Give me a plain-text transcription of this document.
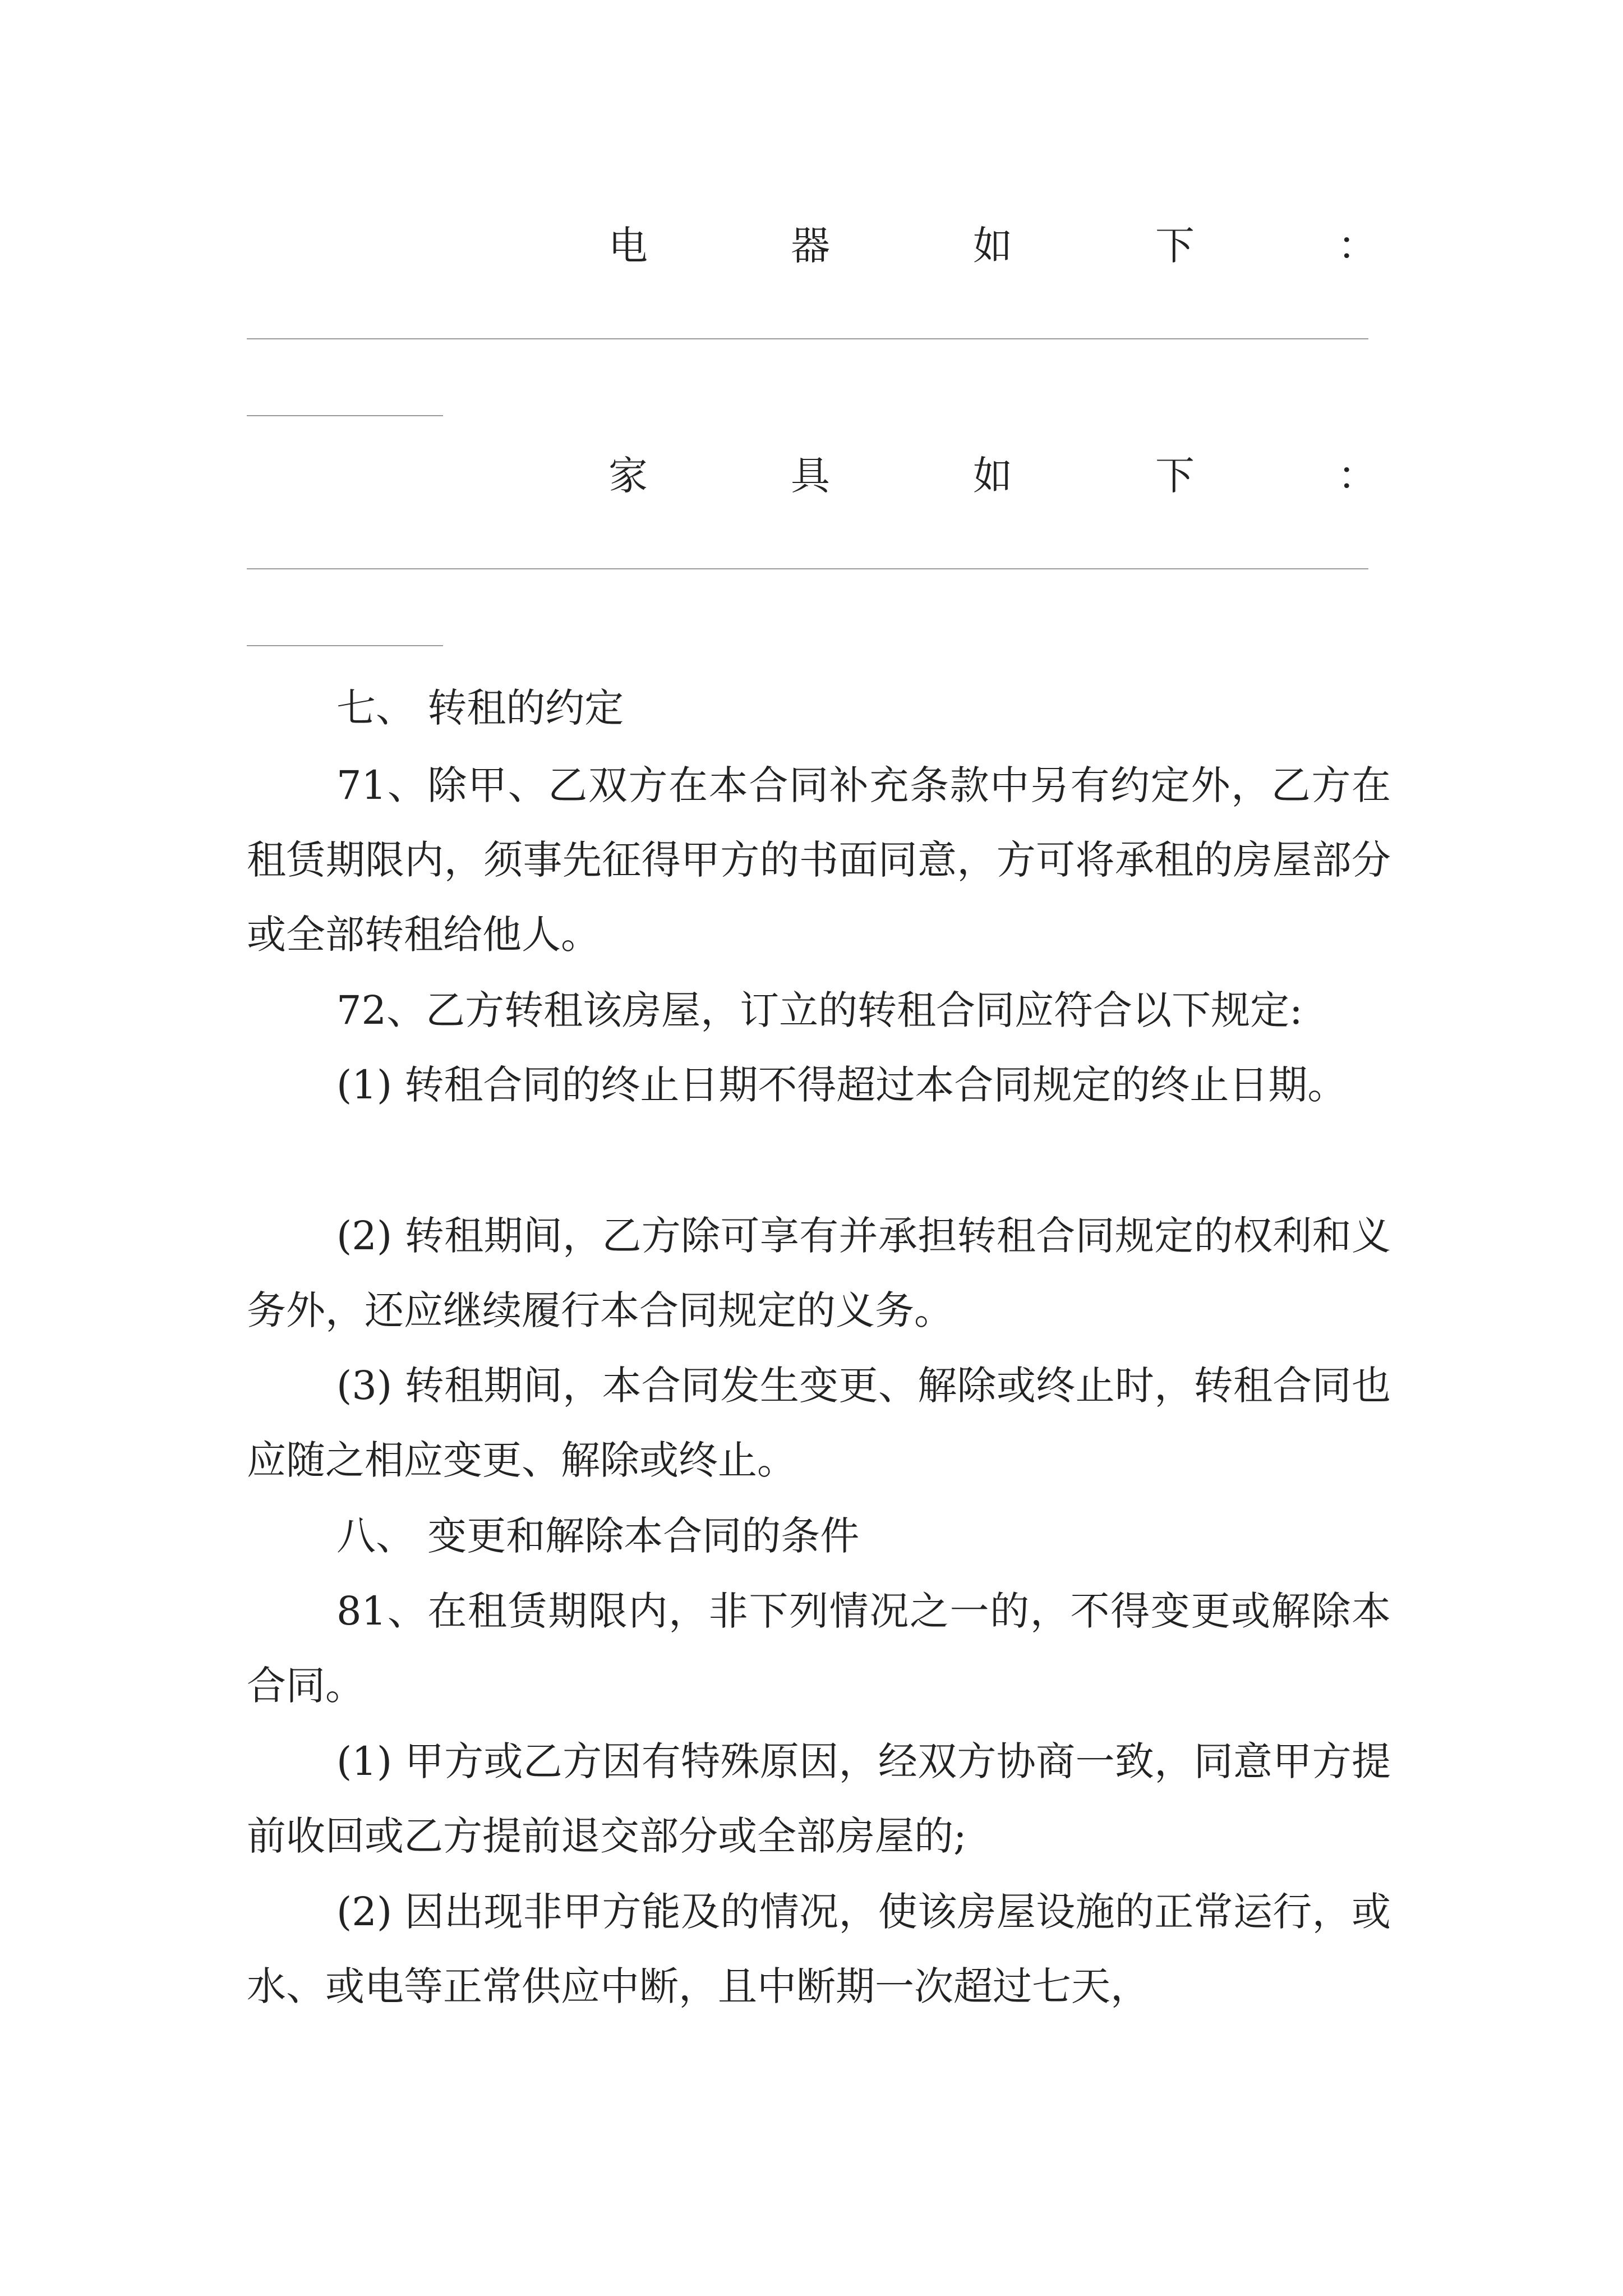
电	器	如	下	：
家	具	如	下	：

七、 转租的约定

71、除甲、乙双方在本合同补充条款中另有约定外，乙方在租赁期限内，须事先征得甲方的书面同意，方可将承租的房屋部分或全部转租给他人。

72、乙方转租该房屋，订立的转租合同应符合以下规定:

(1) 转租合同的终止日期不得超过本合同规定的终止日期。

(2) 转租期间，乙方除可享有并承担转租合同规定的权利和义务外，还应继续履行本合同规定的义务。

(3) 转租期间，本合同发生变更、解除或终止时，转租合同也应随之相应变更、解除或终止。

八、 变更和解除本合同的条件

81、在租赁期限内，非下列情况之一的，不得变更或解除本合同。

(1) 甲方或乙方因有特殊原因，经双方协商一致，同意甲方提前收回或乙方提前退交部分或全部房屋的;

(2) 因出现非甲方能及的情况，使该房屋设施的正常运行，或水、或电等正常供应中断，且中断期一次超过七天，
